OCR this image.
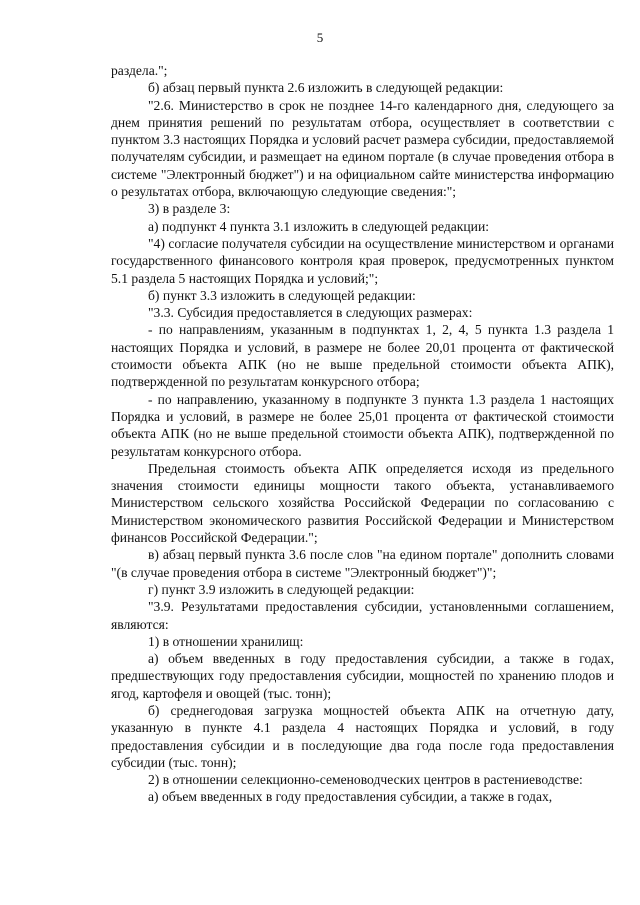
5

раздела.";

б) абзац первый пункта 2.6 изложить в следующей редакции:

"2.6. Министерство в срок не позднее 14-го календарного дня, следующего за днем принятия решений по результатам отбора, осуществляет в соответствии с пунктом 3.3 настоящих Порядка и условий расчет размера субсидии, предоставляемой получателям субсидии, и размещает на едином портале (в случае проведения отбора в системе "Электронный бюджет") и на официальном сайте министерства информацию о результатах отбора, включающую следующие сведения:";

3) в разделе 3:

а) подпункт 4 пункта 3.1 изложить в следующей редакции:

"4) согласие получателя субсидии на осуществление министерством и органами государственного финансового контроля края проверок, предусмотренных пунктом 5.1 раздела 5 настоящих Порядка и условий;";

б) пункт 3.3 изложить в следующей редакции:

"3.3. Субсидия предоставляется в следующих размерах:

- по направлениям, указанным в подпунктах 1, 2, 4, 5 пункта 1.3 раздела 1 настоящих Порядка и условий, в размере не более 20,01 процента от фактической стоимости объекта АПК (но не выше предельной стоимости объекта АПК), подтвержденной по результатам конкурсного отбора;

- по направлению, указанному в подпункте 3 пункта 1.3 раздела 1 настоящих Порядка и условий, в размере не более 25,01 процента от фактической стоимости объекта АПК (но не выше предельной стоимости объекта АПК), подтвержденной по результатам конкурсного отбора.

Предельная стоимость объекта АПК определяется исходя из предельного значения стоимости единицы мощности такого объекта, устанавливаемого Министерством сельского хозяйства Российской Федерации по согласованию с Министерством экономического развития Российской Федерации и Министерством финансов Российской Федерации.";

в) абзац первый пункта 3.6 после слов "на едином портале" дополнить словами "(в случае проведения отбора в системе "Электронный бюджет")";

г) пункт 3.9 изложить в следующей редакции:

"3.9. Результатами предоставления субсидии, установленными соглашением, являются:

1) в отношении хранилищ:

а) объем введенных в году предоставления субсидии, а также в годах, предшествующих году предоставления субсидии, мощностей по хранению плодов и ягод, картофеля и овощей (тыс. тонн);

б) среднегодовая загрузка мощностей объекта АПК на отчетную дату, указанную в пункте 4.1 раздела 4 настоящих Порядка и условий, в году предоставления субсидии и в последующие два года после года предоставления субсидии (тыс. тонн);

2) в отношении селекционно-семеноводческих центров в растениеводстве:

а) объем введенных в году предоставления субсидии, а также в годах,
